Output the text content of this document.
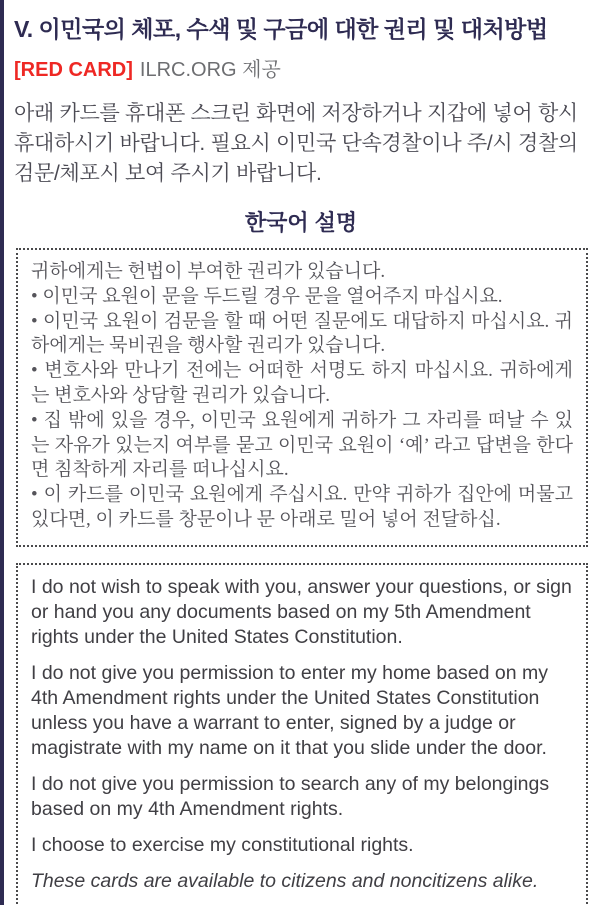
V. 이민국의 체포, 수색 및 구금에 대한 권리 및 대처방법
[RED CARD] ILRC.ORG 제공
아래 카드를 휴대폰 스크린 화면에 저장하거나 지갑에 넣어 항시 휴대하시기 바랍니다. 필요시 이민국 단속경찰이나 주/시 경찰의 검문/체포시 보여 주시기 바랍니다.
한국어 설명

귀하에게는 헌법이 부여한 권리가 있습니다.

• 이민국 요원이 문을 두드릴 경우 문을 열어주지 마십시요.

• 이민국 요원이 검문을 할 때 어떤 질문에도 대답하지 마십시요. 귀하에게는 묵비권을 행사할 권리가 있습니다.

• 변호사와 만나기 전에는 어떠한 서명도 하지 마십시요. 귀하에게는 변호사와 상담할 권리가 있습니다.

• 집 밖에 있을 경우, 이민국 요원에게 귀하가 그 자리를 떠날 수 있는 자유가 있는지 여부를 묻고 이민국 요원이 ‘예’ 라고 답변을 한다면 침착하게 자리를 떠나십시요.

• 이 카드를 이민국 요원에게 주십시요. 만약 귀하가 집안에 머물고 있다면, 이 카드를 창문이나 문 아래로 밀어 넣어 전달하십.

I do not wish to speak with you, answer your questions, or sign or hand you any documents based on my 5th Amendment rights under the United States Constitution.

I do not give you permission to enter my home based on my 4th Amendment rights under the United States Constitution unless you have a warrant to enter, signed by a judge or magistrate with my name on it that you slide under the door.

I do not give you permission to search any of my belongings based on my 4th Amendment rights.

I choose to exercise my constitutional rights.

These cards are available to citizens and noncitizens alike.
